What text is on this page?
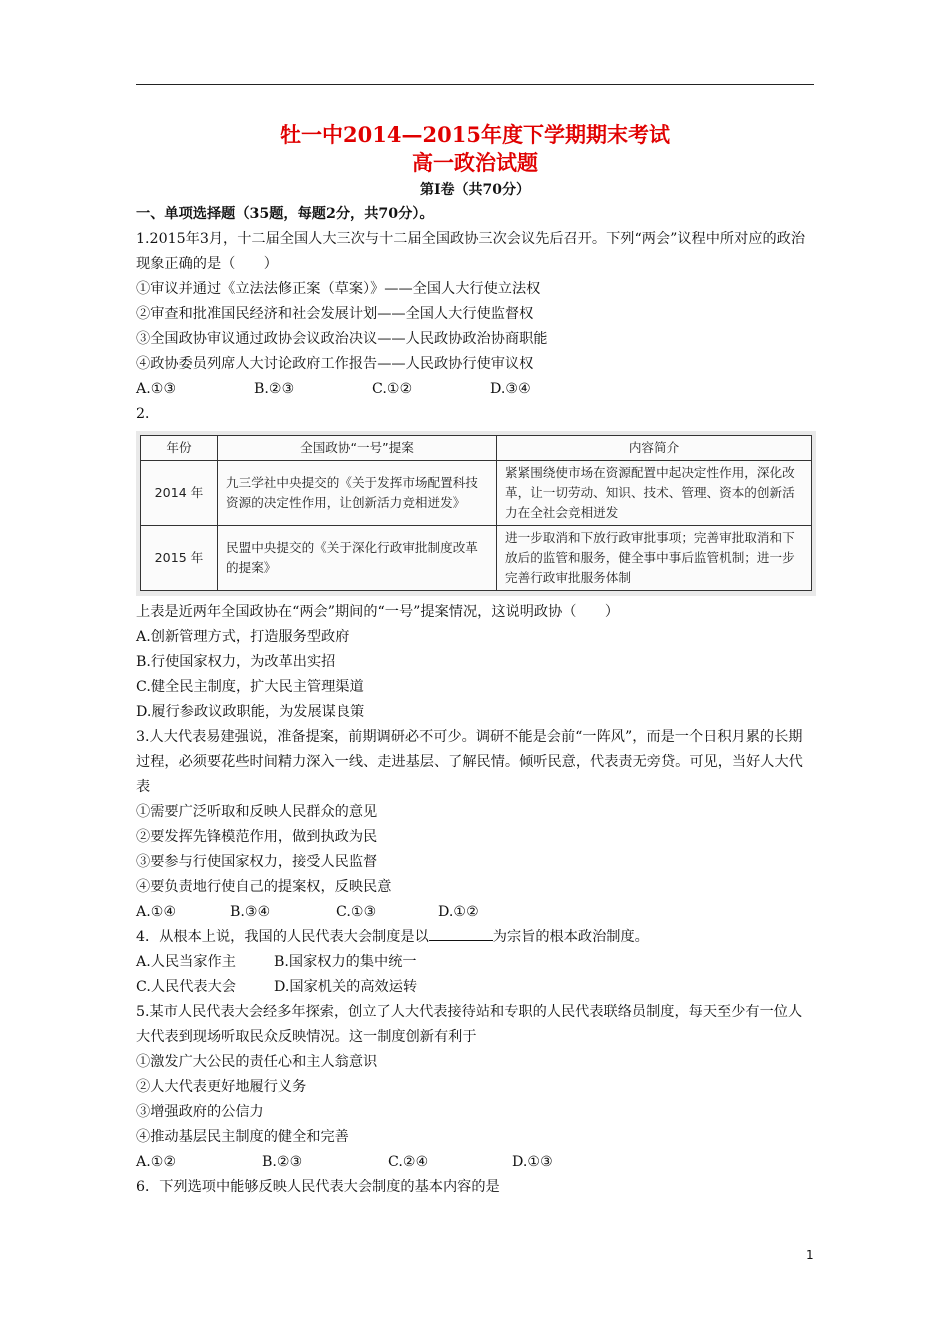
牡一中2014—2015年度下学期期末考试
高一政治试题
第Ⅰ卷（共70分）

一、单项选择题（35题，每题2分，共70分）。

1.2015年3月，十二届全国人大三次与十二届全国政协三次会议先后召开。下列“两会”议程中所对应的政治现象正确的是（　　）

①审议并通过《立法法修正案（草案）》——全国人大行使立法权

②审查和批准国民经济和社会发展计划——全国人大行使监督权

③全国政协审议通过政协会议政治决议——人民政协政治协商职能

④政协委员列席人大讨论政府工作报告——人民政协行使审议权

A.①③	B.②③	C.①②	D.③④

2．

年份	全国政协“一号”提案	内容简介
2014 年	九三学社中央提交的《关于发挥市场配置科技资源的决定性作用，让创新活力竞相迸发》	紧紧围绕使市场在资源配置中起决定性作用，深化改革，让一切劳动、知识、技术、管理、资本的创新活力在全社会竞相迸发
2015 年	民盟中央提交的《关于深化行政审批制度改革的提案》	进一步取消和下放行政审批事项；完善审批取消和下放后的监管和服务，健全事中事后监管机制；进一步完善行政审批服务体制

上表是近两年全国政协在“两会”期间的“一号”提案情况，这说明政协（　　）

A.创新管理方式，打造服务型政府

B.行使国家权力，为改革出实招

C.健全民主制度，扩大民主管理渠道

D.履行参政议政职能，为发展谋良策

3.人大代表易建强说，准备提案，前期调研必不可少。调研不能是会前“一阵风”，而是一个日积月累的长期过程，必须要花些时间精力深入一线、走进基层、了解民情。倾听民意，代表责无旁贷。可见，当好人大代表

①需要广泛听取和反映人民群众的意见

②要发挥先锋模范作用，做到执政为民

③要参与行使国家权力，接受人民监督

④要负责地行使自己的提案权，反映民意

A.①④	B.③④	C.①③	D.①②

4．从根本上说，我国的人民代表大会制度是以	为宗旨的根本政治制度。

A.人民当家作主	B.国家权力的集中统一

C.人民代表大会	D.国家机关的高效运转

5.某市人民代表大会经多年探索，创立了人大代表接待站和专职的人民代表联络员制度，每天至少有一位人大代表到现场听取民众反映情况。这一制度创新有利于

①激发广大公民的责任心和主人翁意识

②人大代表更好地履行义务

③增强政府的公信力

④推动基层民主制度的健全和完善

A.①②	B.②③	C.②④	D.①③

6．下列选项中能够反映人民代表大会制度的基本内容的是

1
